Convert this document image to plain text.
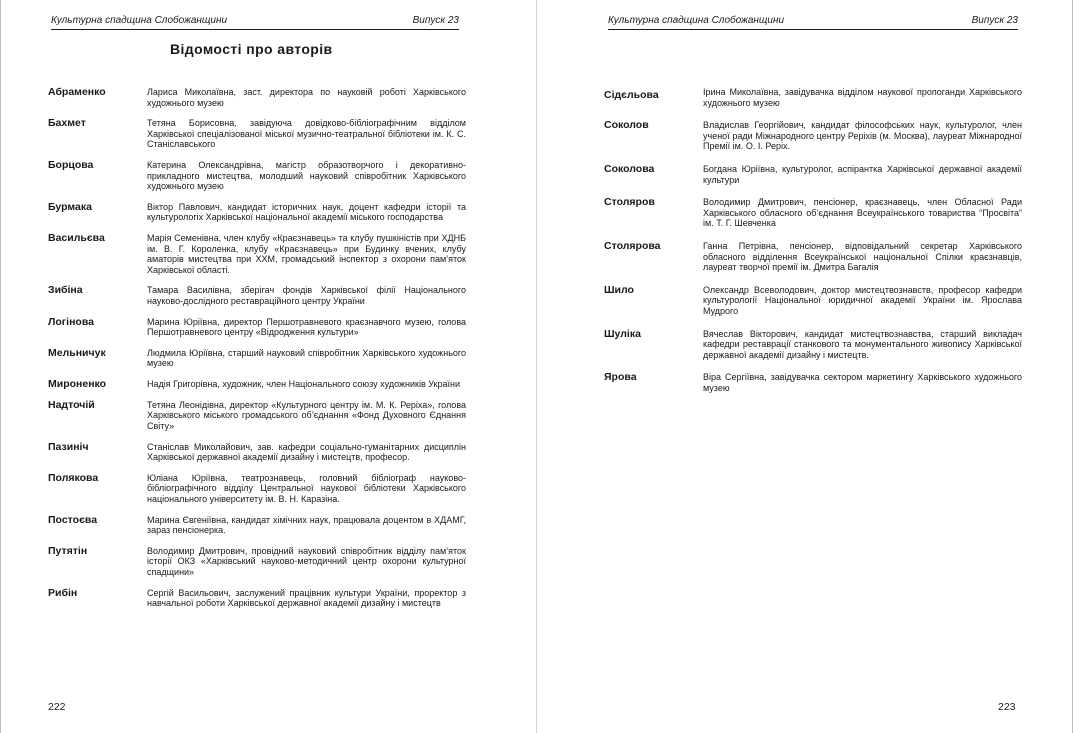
Культурна спадщина Слобожанщини	Випуск 23
Відомості про авторів
Абраменко	Лариса Миколаївна, заст. директора по науковій роботі Харківського художнього музею
Бахмет	Тетяна Борисовна, завідуюча довідково-бібліографічним відділом Харківської спеціалізованої міської музично-театральної бібліотеки ім. К. С. Станіславського
Борцова	Катерина Олександрівна, магістр образотворчого і декоративно-прикладного мистецтва, молодший науковий співробітник Харківського художнього музею
Бурмака	Віктор Павлович, кандидат історичних наук, доцент кафедри історії та культурологіх Харківської національної академії міського господарства
Васильєва	Марія Семенівна, член клубу «Краєзнавець» та клубу пушкіністів при ХДНБ ім. В. Г. Короленка, клубу «Краєзнавець» при Будинку вчених, клубу аматорів мистецтва при ХХМ, громадський інспектор з охорони пам’яток Харківської області.
Зибіна	Тамара Василівна, зберігач фондів Харківської філії Національного науково-дослідного реставраційного центру України
Логінова	Марина Юріївна, директор Першотравневого краєзнавчого музею, голова Першотравневого центру «Відродження культури»
Мельничук	Людмила Юріївна, старший науковий співробітник Харківського художнього музею
Мироненко	Надія Григорівна, художник, член Національного союзу художників України
Надточій	Тетяна Леонідівна, директор «Культурного центру ім. М. К. Реріха», голова Харківського міського громадського об’єднання «Фонд Духовного Єднання Світу»
Пазиніч	Станіслав Миколайович, зав. кафедри соціально-гуманітарних дисциплін Харківської державної академії дизайну і мистецтв, професор.
Полякова	Юліана Юріївна, театрознавець, головний бібліограф науково-бібліографічного відділу Центральної наукової бібліотеки Харківського національного університету ім. В. Н. Каразіна.
Постоєва	Марина Євгеніївна, кандидат хімічних наук, працювала доцентом в ХДАМГ, зараз пенсіонерка.
Путятін	Володимир Дмитрович, провідний науковий співробітник відділу пам’яток історії ОКЗ «Харківський науково-методичний центр охорони культурної спадщини»
Рибін	Сергій Васильович, заслужений працівник культури України, проректор з навчальної роботи Харківської державної академії дизайну і мистецтв
222
Культурна спадщина Слобожанщини	Випуск 23
Сідєльова	Ірина Миколаївна, завідувачка відділом наукової пропоганди Харківського художнього музею
Соколов	Владислав Георгійович, кандидат філософських наук, культуролог, член ученої ради Міжнародного центру Реріхів (м. Москва), лауреат Міжнародної Премії ім. О. І. Реріх.
Соколова	Богдана Юріївна, культуролог, аспірантка Харківської державної академії культури
Столяров	Володимир Дмитрович, пенсіонер, краєзнавець, член Обласної Ради Харківського обласного об’єднання Всеукраїнського товариства “Просвіта” ім. Т. Г. Шевченка
Столярова	Ганна Петрівна, пенсіонер, відповідальний секретар Харківського обласного відділення Всеукраїнської національної Спілки краєзнавців, лауреат творчої премії ім. Дмитра Багалія
Шило	Олександр Всеволодович, доктор мистецтвознавств, професор кафедри культурології Національної юридичної академії України ім. Ярослава Мудрого
Шуліка	Вячеслав Вікторович, кандидат мистецтвознавства, старший викладач кафедри реставрації станкового та монументального живопису Харківської державної академії дизайну і мистецтв.
Ярова	Віра Сергіївна, завідувачка сектором маркетингу Харківського художнього музею
223
